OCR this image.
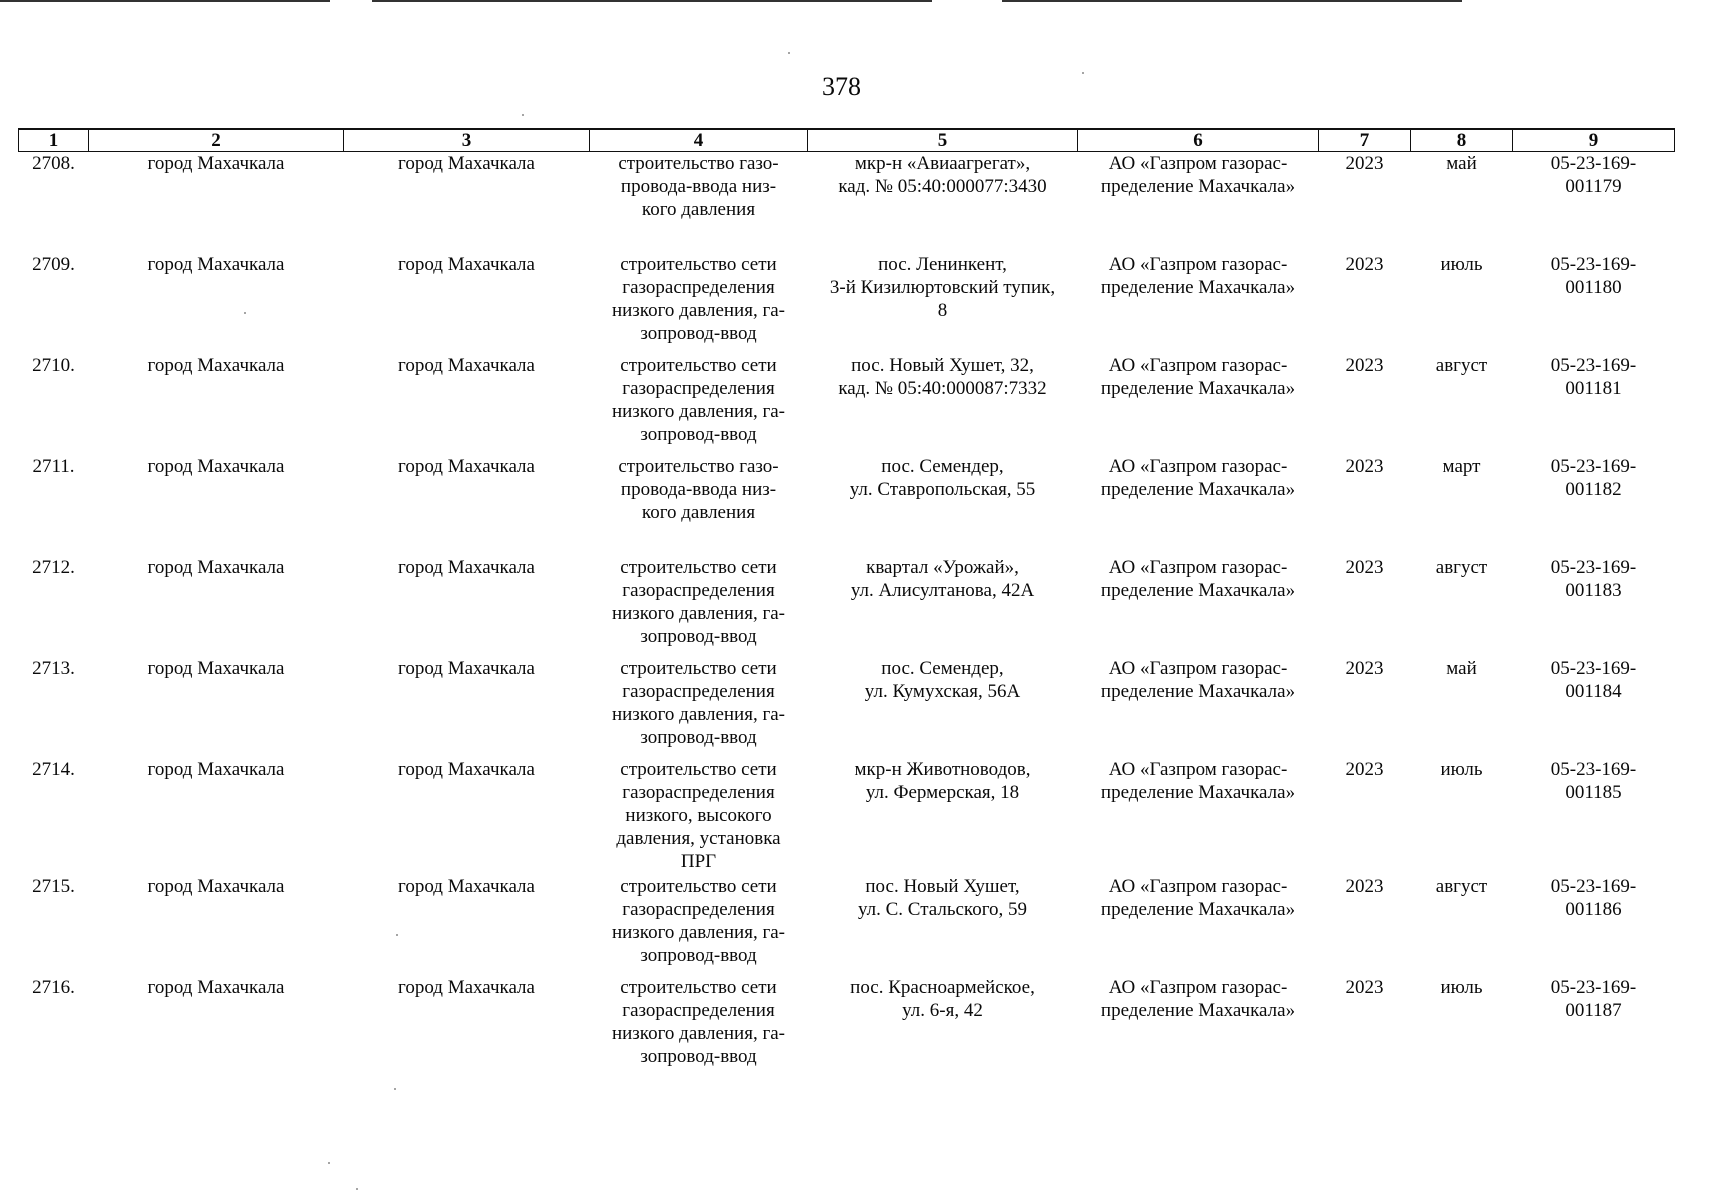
378
1	2	3	4	5	6	7	8	9
2708.	город Махачкала	город Махачкала	строительство газо-
провода-ввода низ-
кого давления	мкр-н «Авиаагрегат»,
кад. № 05:40:000077:3430	АО «Газпром газорас-
пределение Махачкала»	2023	май	05-23-169-
001179

2709.	город Махачкала	город Махачкала	строительство сети
газораспределения
низкого давления, га-
зопровод-ввод	пос. Ленинкент,
3-й Кизилюртовский тупик,
8	АО «Газпром газорас-
пределение Махачкала»	2023	июль	05-23-169-
001180

2710.	город Махачкала	город Махачкала	строительство сети
газораспределения
низкого давления, га-
зопровод-ввод	пос. Новый Хушет, 32,
кад. № 05:40:000087:7332	АО «Газпром газорас-
пределение Махачкала»	2023	август	05-23-169-
001181

2711.	город Махачкала	город Махачкала	строительство газо-
провода-ввода низ-
кого давления	пос. Семендер,
ул. Ставропольская, 55	АО «Газпром газорас-
пределение Махачкала»	2023	март	05-23-169-
001182

2712.	город Махачкала	город Махачкала	строительство сети
газораспределения
низкого давления, га-
зопровод-ввод	квартал «Урожай»,
ул. Алисултанова, 42А	АО «Газпром газорас-
пределение Махачкала»	2023	август	05-23-169-
001183

2713.	город Махачкала	город Махачкала	строительство сети
газораспределения
низкого давления, га-
зопровод-ввод	пос. Семендер,
ул. Кумухская, 56А	АО «Газпром газорас-
пределение Махачкала»	2023	май	05-23-169-
001184

2714.	город Махачкала	город Махачкала	строительство сети
газораспределения
низкого, высокого
давления, установка
ПРГ	мкр-н Животноводов,
ул. Фермерская, 18	АО «Газпром газорас-
пределение Махачкала»	2023	июль	05-23-169-
001185

2715.	город Махачкала	город Махачкала	строительство сети
газораспределения
низкого давления, га-
зопровод-ввод	пос. Новый Хушет,
ул. С. Стальского, 59	АО «Газпром газорас-
пределение Махачкала»	2023	август	05-23-169-
001186

2716.	город Махачкала	город Махачкала	строительство сети
газораспределения
низкого давления, га-
зопровод-ввод	пос. Красноармейское,
ул. 6-я, 42	АО «Газпром газорас-
пределение Махачкала»	2023	июль	05-23-169-
001187
